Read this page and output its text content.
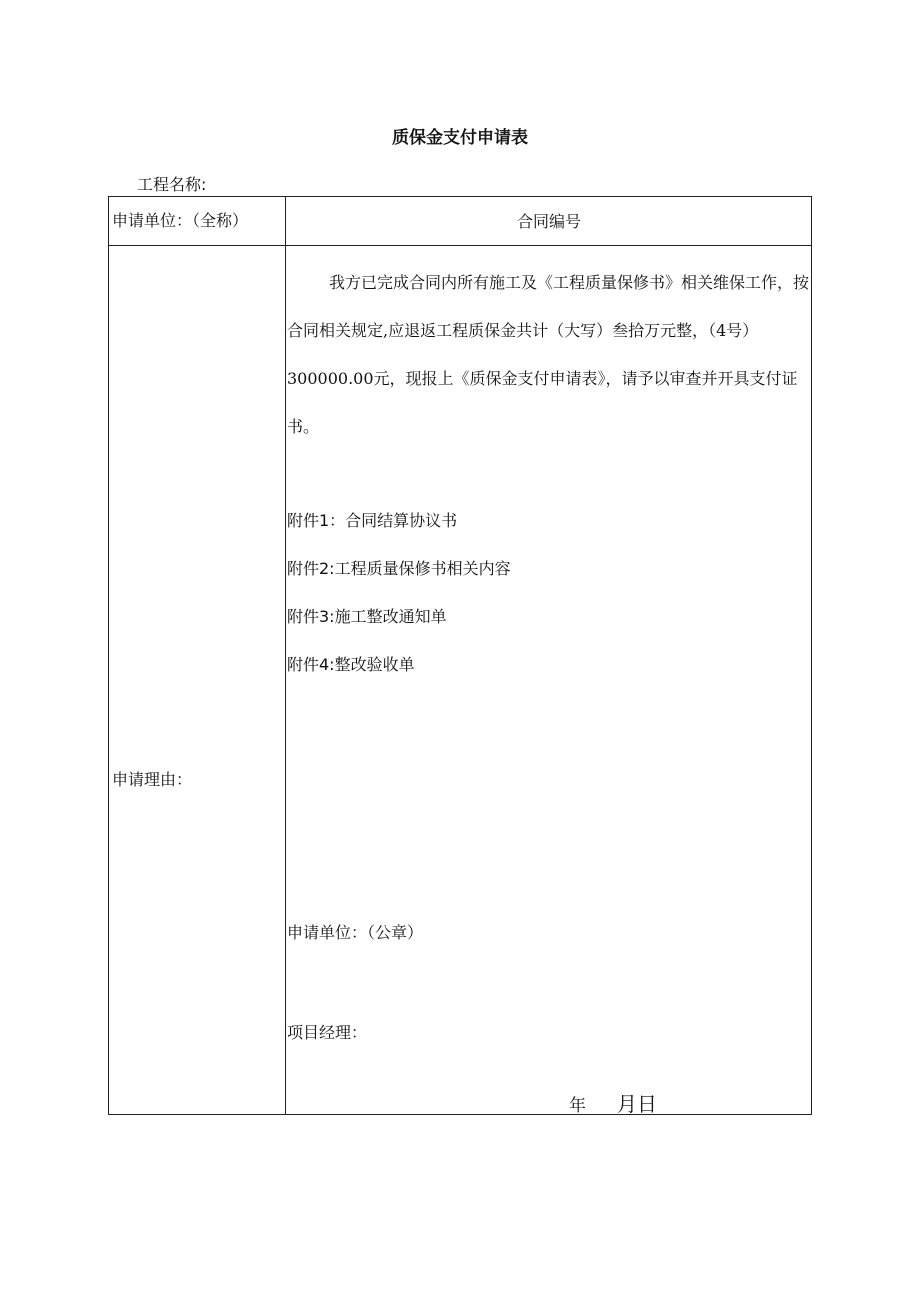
质保金支付申请表
工程名称:
申请单位：（全称）	合同编号
申请理由：
我方已完成合同内所有施工及《工程质量保修书》相关维保工作，按合同相关规定,应退返工程质保金共计（大写）叁拾万元整，（4号）300000.00元，现报上《质保金支付申请表》，请予以审查并开具支付证书。
附件1：合同结算协议书
附件2:工程质量保修书相关内容
附件3:施工整改通知单
附件4:整改验收单
申请单位：（公章）
项目经理：
年 月日
